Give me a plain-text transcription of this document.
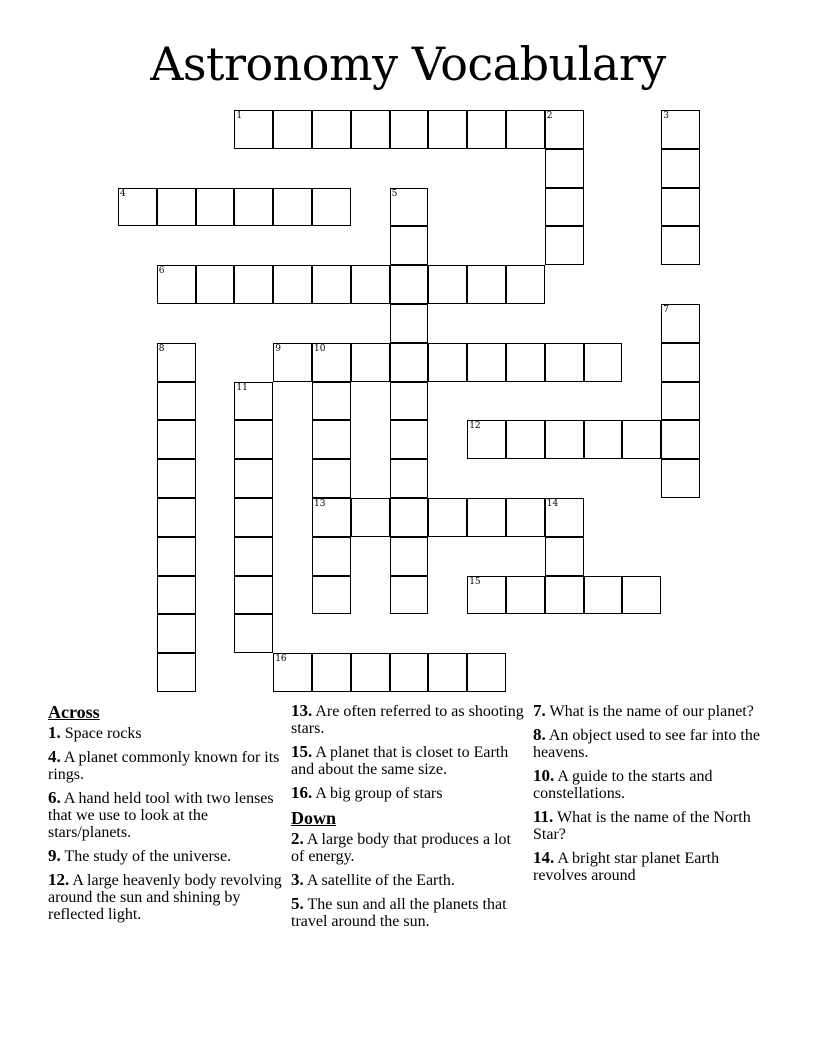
Astronomy Vocabulary
1	2
4
6
9	10
12
13	14
15
16
3
5
7
8
11
Across
1. Space rocks
4. A planet commonly known for its rings.
6. A hand held tool with two lenses that we use to look at the stars/planets.
9. The study of the universe.
12. A large heavenly body revolving around the sun and shining by reflected light.
13. Are often referred to as shooting stars.
15. A planet that is closet to Earth and about the same size.
16. A big group of stars
Down
2. A large body that produces a lot of energy.
3. A satellite of the Earth.
5. The sun and all the planets that travel around the sun.
7. What is the name of our planet?
8. An object used to see far into the heavens.
10. A guide to the starts and constellations.
11. What is the name of the North Star?
14. A bright star planet Earth revolves around
